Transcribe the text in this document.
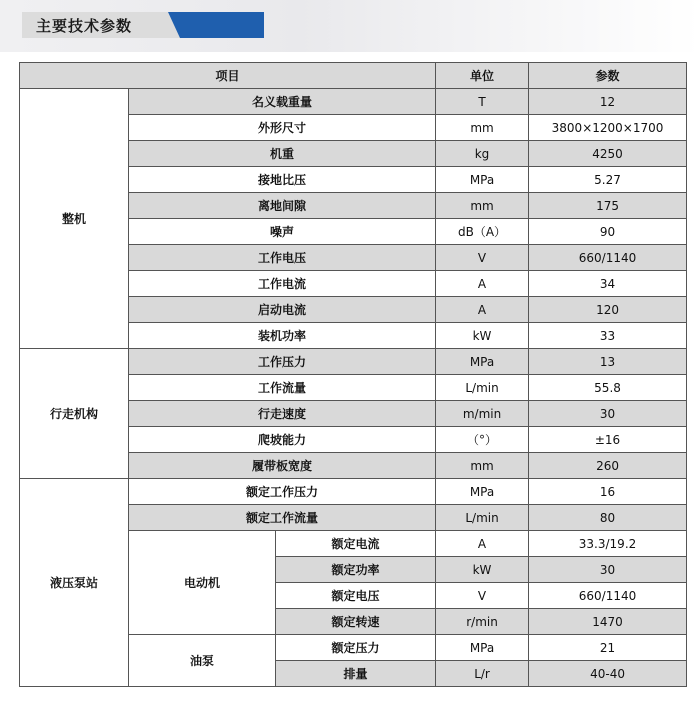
主要技术参数
项目			单位	参数
整机	名义载重量		T	12
	外形尺寸		mm	3800×1200×1700
	机重		kg	4250
	接地比压		MPa	5.27
	离地间隙		mm	175
	噪声		dB（A）	90
	工作电压		V	660/1140
	工作电流		A	34
	启动电流		A	120
	装机功率		kW	33
行走机构	工作压力		MPa	13
	工作流量		L/min	55.8
	行走速度		m/min	30
	爬坡能力		（°）	±16
	履带板宽度		mm	260
液压泵站	额定工作压力		MPa	16
	额定工作流量		L/min	80
	电动机	额定电流	A	33.3/19.2
		额定功率	kW	30
		额定电压	V	660/1140
		额定转速	r/min	1470
	油泵	额定压力	MPa	21
		排量	L/r	40-40
